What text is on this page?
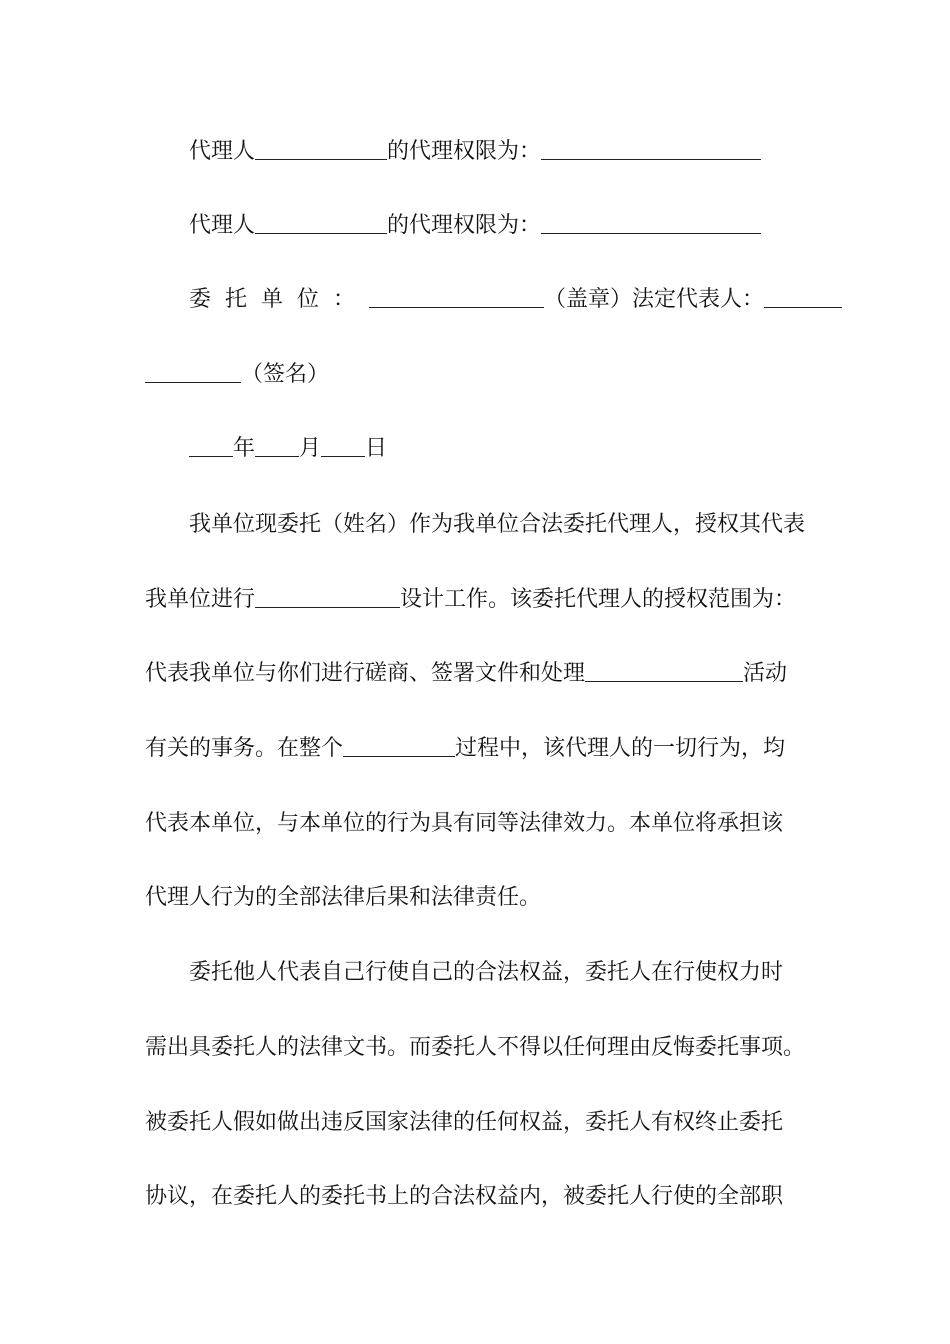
代理人	的代理权限为：
代理人	的代理权限为：
委托单位：	（盖章）法定代表人：
（签名）
年 月 日
我单位现委托（姓名）作为我单位合法委托代理人，授权其代表
我单位进行	设计工作。该委托代理人的授权范围为：
代表我单位与你们进行磋商、签署文件和处理	活动
有关的事务。在整个	过程中，该代理人的一切行为，均
代表本单位，与本单位的行为具有同等法律效力。本单位将承担该
代理人行为的全部法律后果和法律责任。
委托他人代表自己行使自己的合法权益，委托人在行使权力时
需出具委托人的法律文书。而委托人不得以任何理由反悔委托事项。
被委托人假如做出违反国家法律的任何权益，委托人有权终止委托
协议，在委托人的委托书上的合法权益内，被委托人行使的全部职
